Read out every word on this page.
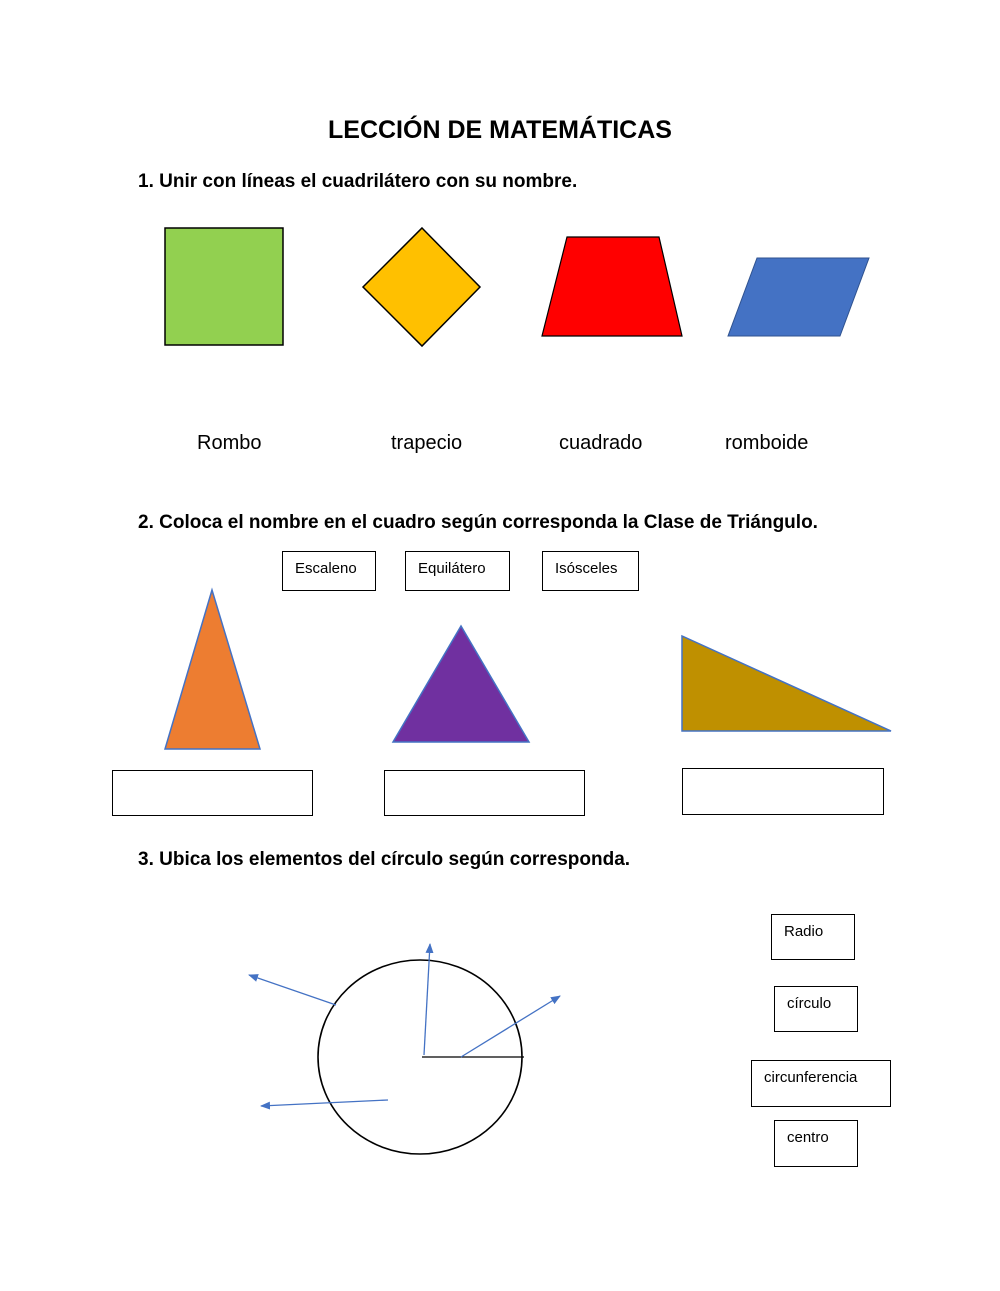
LECCIÓN DE MATEMÁTICAS
1. Unir con líneas el cuadrilátero con su nombre.
Rombo	trapecio	cuadrado	romboide
2. Coloca el nombre en el cuadro según corresponda la Clase de Triángulo.
Escaleno	Equilátero	Isósceles
3. Ubica los elementos del círculo según corresponda.
Radio
círculo
circunferencia
centro
